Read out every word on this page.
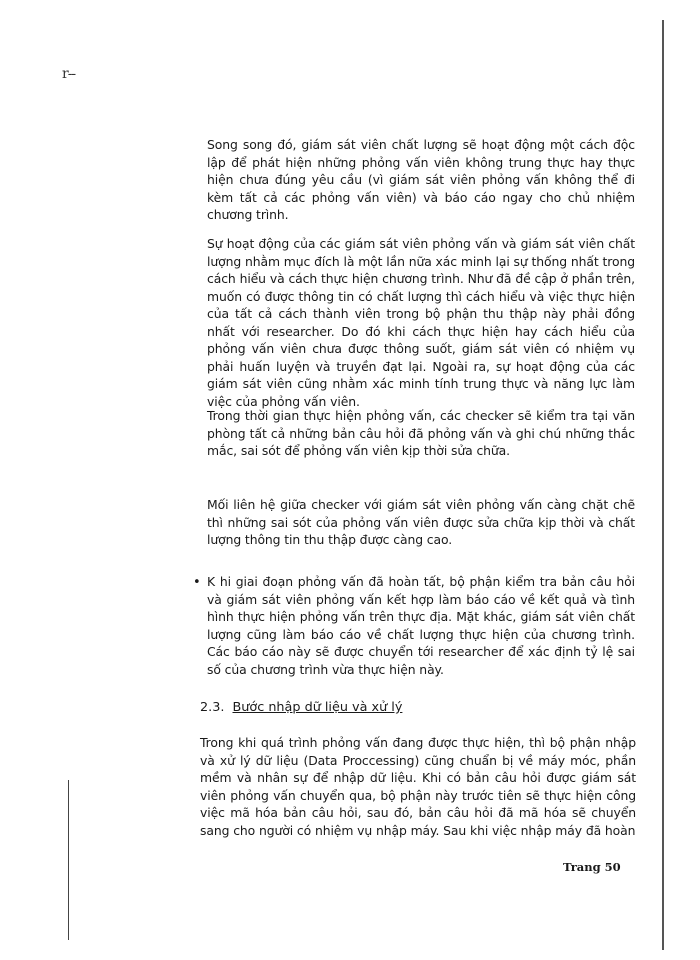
r--

Song song đó, giám sát viên chất lượng sẽ hoạt động một cách độc lập để phát hiện những phỏng vấn viên không trung thực hay thực hiện chưa đúng yêu cầu (vì giám sát viên phỏng vấn không thể đi kèm tất cả các phỏng vấn viên) và báo cáo ngay cho chủ nhiệm chương trình.

Sự hoạt động của các giám sát viên phỏng vấn và giám sát viên chất lượng nhằm mục đích là một lần nữa xác minh lại sự thống nhất trong cách hiểu và cách thực hiện chương trình. Như đã đề cập ở phần trên, muốn có được thông tin có chất lượng thì cách hiểu và việc thực hiện của tất cả cách thành viên trong bộ phận thu thập này phải đồng nhất với researcher. Do đó khi cách thực hiện hay cách hiểu của phỏng vấn viên chưa được thông suốt, giám sát viên có nhiệm vụ phải huấn luyện và truyền đạt lại. Ngoài ra, sự hoạt động của các giám sát viên cũng nhằm xác minh tính trung thực và năng lực làm việc của phỏng vấn viên.

Trong thời gian thực hiện phỏng vấn, các checker sẽ kiểm tra tại văn phòng tất cả những bản câu hỏi đã phỏng vấn và ghi chú những thắc mắc, sai sót để phỏng vấn viên kịp thời sửa chữa.

Mối liên hệ giữa checker với giám sát viên phỏng vấn càng chặt chẽ thì những sai sót của phỏng vấn viên được sửa chữa kịp thời và chất lượng thông tin thu thập được càng cao.

• K hi giai đoạn phỏng vấn đã hoàn tất, bộ phận kiểm tra bản câu hỏi và giám sát viên phỏng vấn kết hợp làm báo cáo về kết quả và tình hình thực hiện phỏng vấn trên thực địa. Mặt khác, giám sát viên chất lượng cũng làm báo cáo về chất lượng thực hiện của chương trình. Các báo cáo này sẽ được chuyển tới researcher để xác định tỷ lệ sai số của chương trình vừa thực hiện này.

2.3. Bước nhập dữ liệu và xử lý

Trong khi quá trình phỏng vấn đang được thực hiện, thì bộ phận nhập và xử lý dữ liệu (Data Proccessing) cũng chuẩn bị về máy móc, phần mềm và nhân sự để nhập dữ liệu. Khi có bản câu hỏi được giám sát viên phỏng vấn chuyển qua, bộ phận này trước tiên sẽ thực hiện công việc mã hóa bản câu hỏi, sau đó, bản câu hỏi đã mã hóa sẽ chuyển sang cho người có nhiệm vụ nhập máy. Sau khi việc nhập máy đã hoàn

Trang 50
